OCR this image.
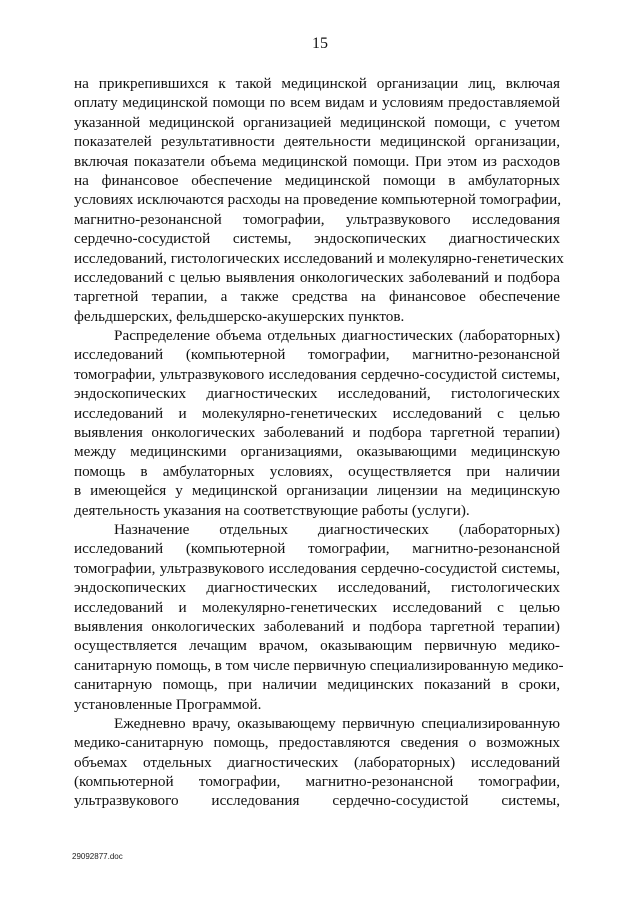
15
на прикрепившихся к такой медицинской организации лиц, включая
оплату медицинской помощи по всем видам и условиям предоставляемой
указанной медицинской организацией медицинской помощи, с учетом
показателей результативности деятельности медицинской организации,
включая показатели объема медицинской помощи. При этом из расходов
на финансовое обеспечение медицинской помощи в амбулаторных
условиях исключаются расходы на проведение компьютерной томографии,
магнитно-резонансной томографии, ультразвукового исследования
сердечно-сосудистой системы, эндоскопических диагностических
исследований, гистологических исследований и молекулярно-генетических
исследований с целью выявления онкологических заболеваний и подбора
таргетной терапии, а также средства на финансовое обеспечение
фельдшерских, фельдшерско-акушерских пунктов.
Распределение объема отдельных диагностических (лабораторных)
исследований (компьютерной томографии, магнитно-резонансной
томографии, ультразвукового исследования сердечно-сосудистой системы,
эндоскопических диагностических исследований, гистологических
исследований и молекулярно-генетических исследований с целью
выявления онкологических заболеваний и подбора таргетной терапии)
между медицинскими организациями, оказывающими медицинскую
помощь в амбулаторных условиях, осуществляется при наличии
в имеющейся у медицинской организации лицензии на медицинскую
деятельность указания на соответствующие работы (услуги).
Назначение отдельных диагностических (лабораторных)
исследований (компьютерной томографии, магнитно-резонансной
томографии, ультразвукового исследования сердечно-сосудистой системы,
эндоскопических диагностических исследований, гистологических
исследований и молекулярно-генетических исследований с целью
выявления онкологических заболеваний и подбора таргетной терапии)
осуществляется лечащим врачом, оказывающим первичную медико-
санитарную помощь, в том числе первичную специализированную медико-
санитарную помощь, при наличии медицинских показаний в сроки,
установленные Программой.
Ежедневно врачу, оказывающему первичную специализированную
медико-санитарную помощь, предоставляются сведения о возможных
объемах отдельных диагностических (лабораторных) исследований
(компьютерной томографии, магнитно-резонансной томографии,
ультразвукового исследования сердечно-сосудистой системы,
29092877.doc
